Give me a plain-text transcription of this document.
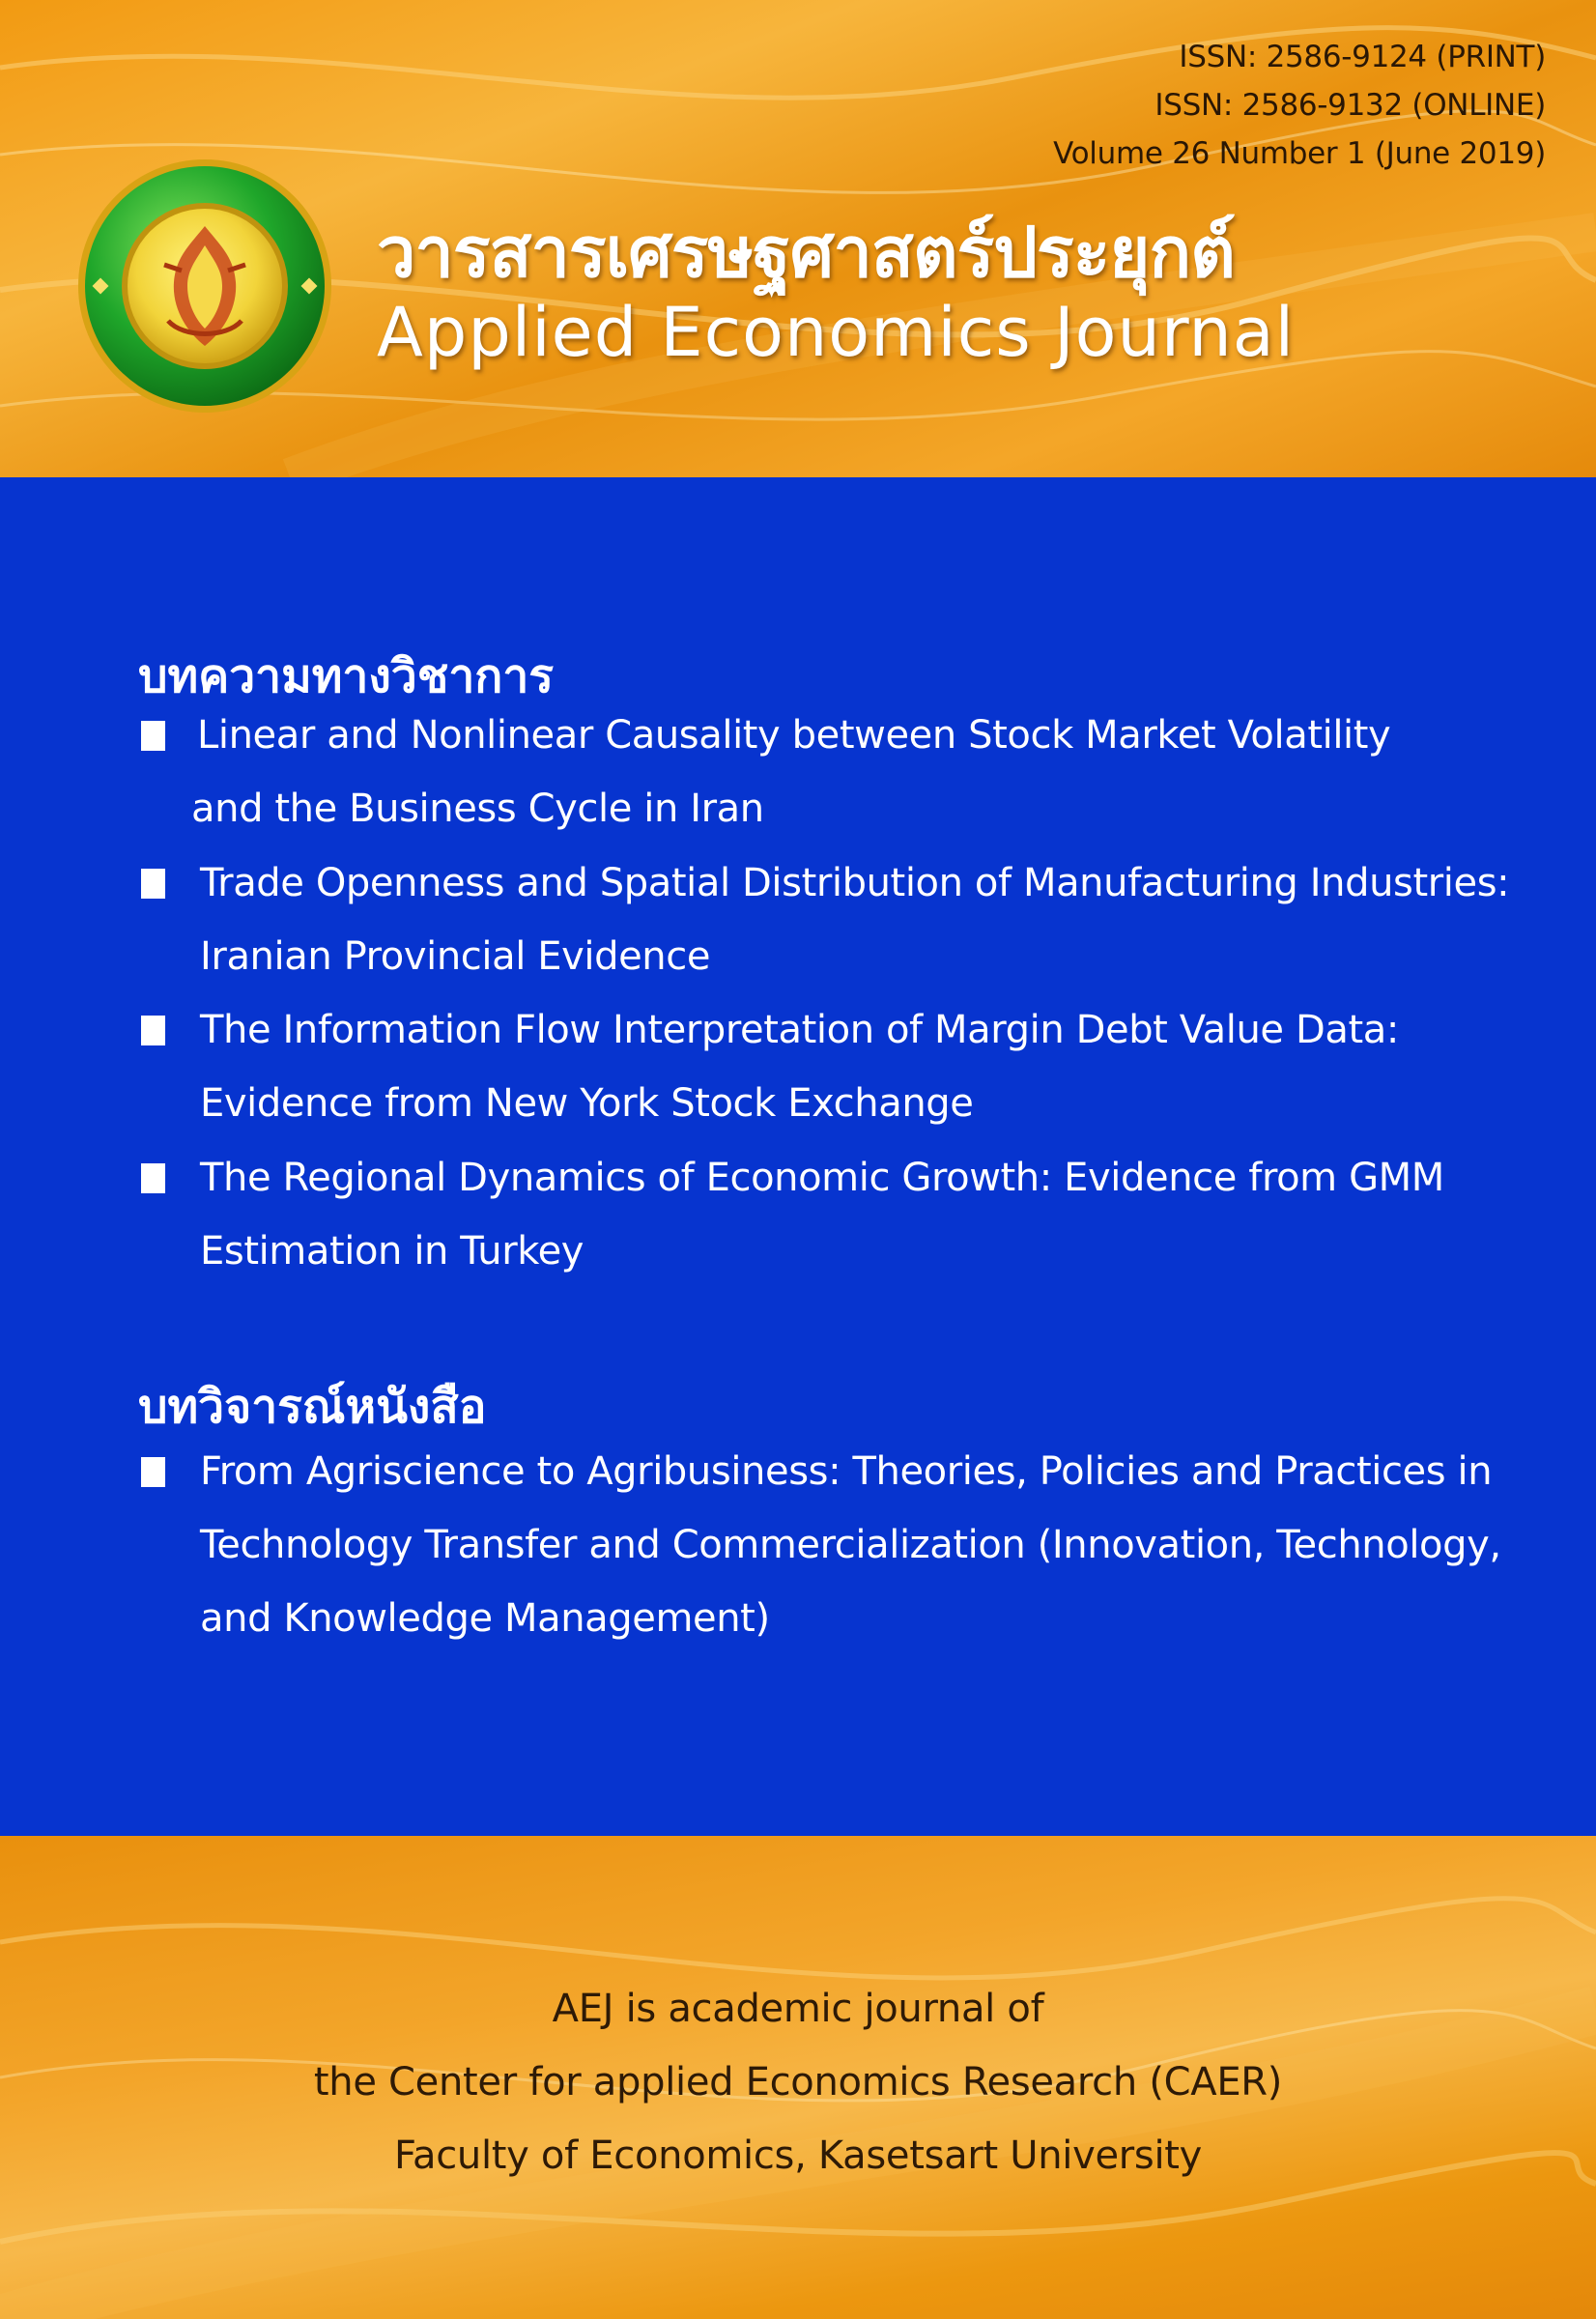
ISSN: 2586-9124 (PRINT)
ISSN: 2586-9132 (ONLINE)
Volume 26 Number 1 (June 2019)
วารสารเศรษฐศาสตร์ประยุกต์
Applied Economics Journal
บทความทางวิชาการ
Linear and Nonlinear Causality between Stock Market Volatility
and the Business Cycle in Iran
Trade Openness and Spatial Distribution of Manufacturing Industries:
Iranian Provincial Evidence
The Information Flow Interpretation of Margin Debt Value Data:
Evidence from New York Stock Exchange
The Regional Dynamics of Economic Growth: Evidence from GMM
Estimation in Turkey
บทวิจารณ์หนังสือ
From Agriscience to Agribusiness: Theories, Policies and Practices in
Technology Transfer and Commercialization (Innovation, Technology,
and Knowledge Management)
AEJ is academic journal of
the Center for applied Economics Research (CAER)
Faculty of Economics, Kasetsart University
